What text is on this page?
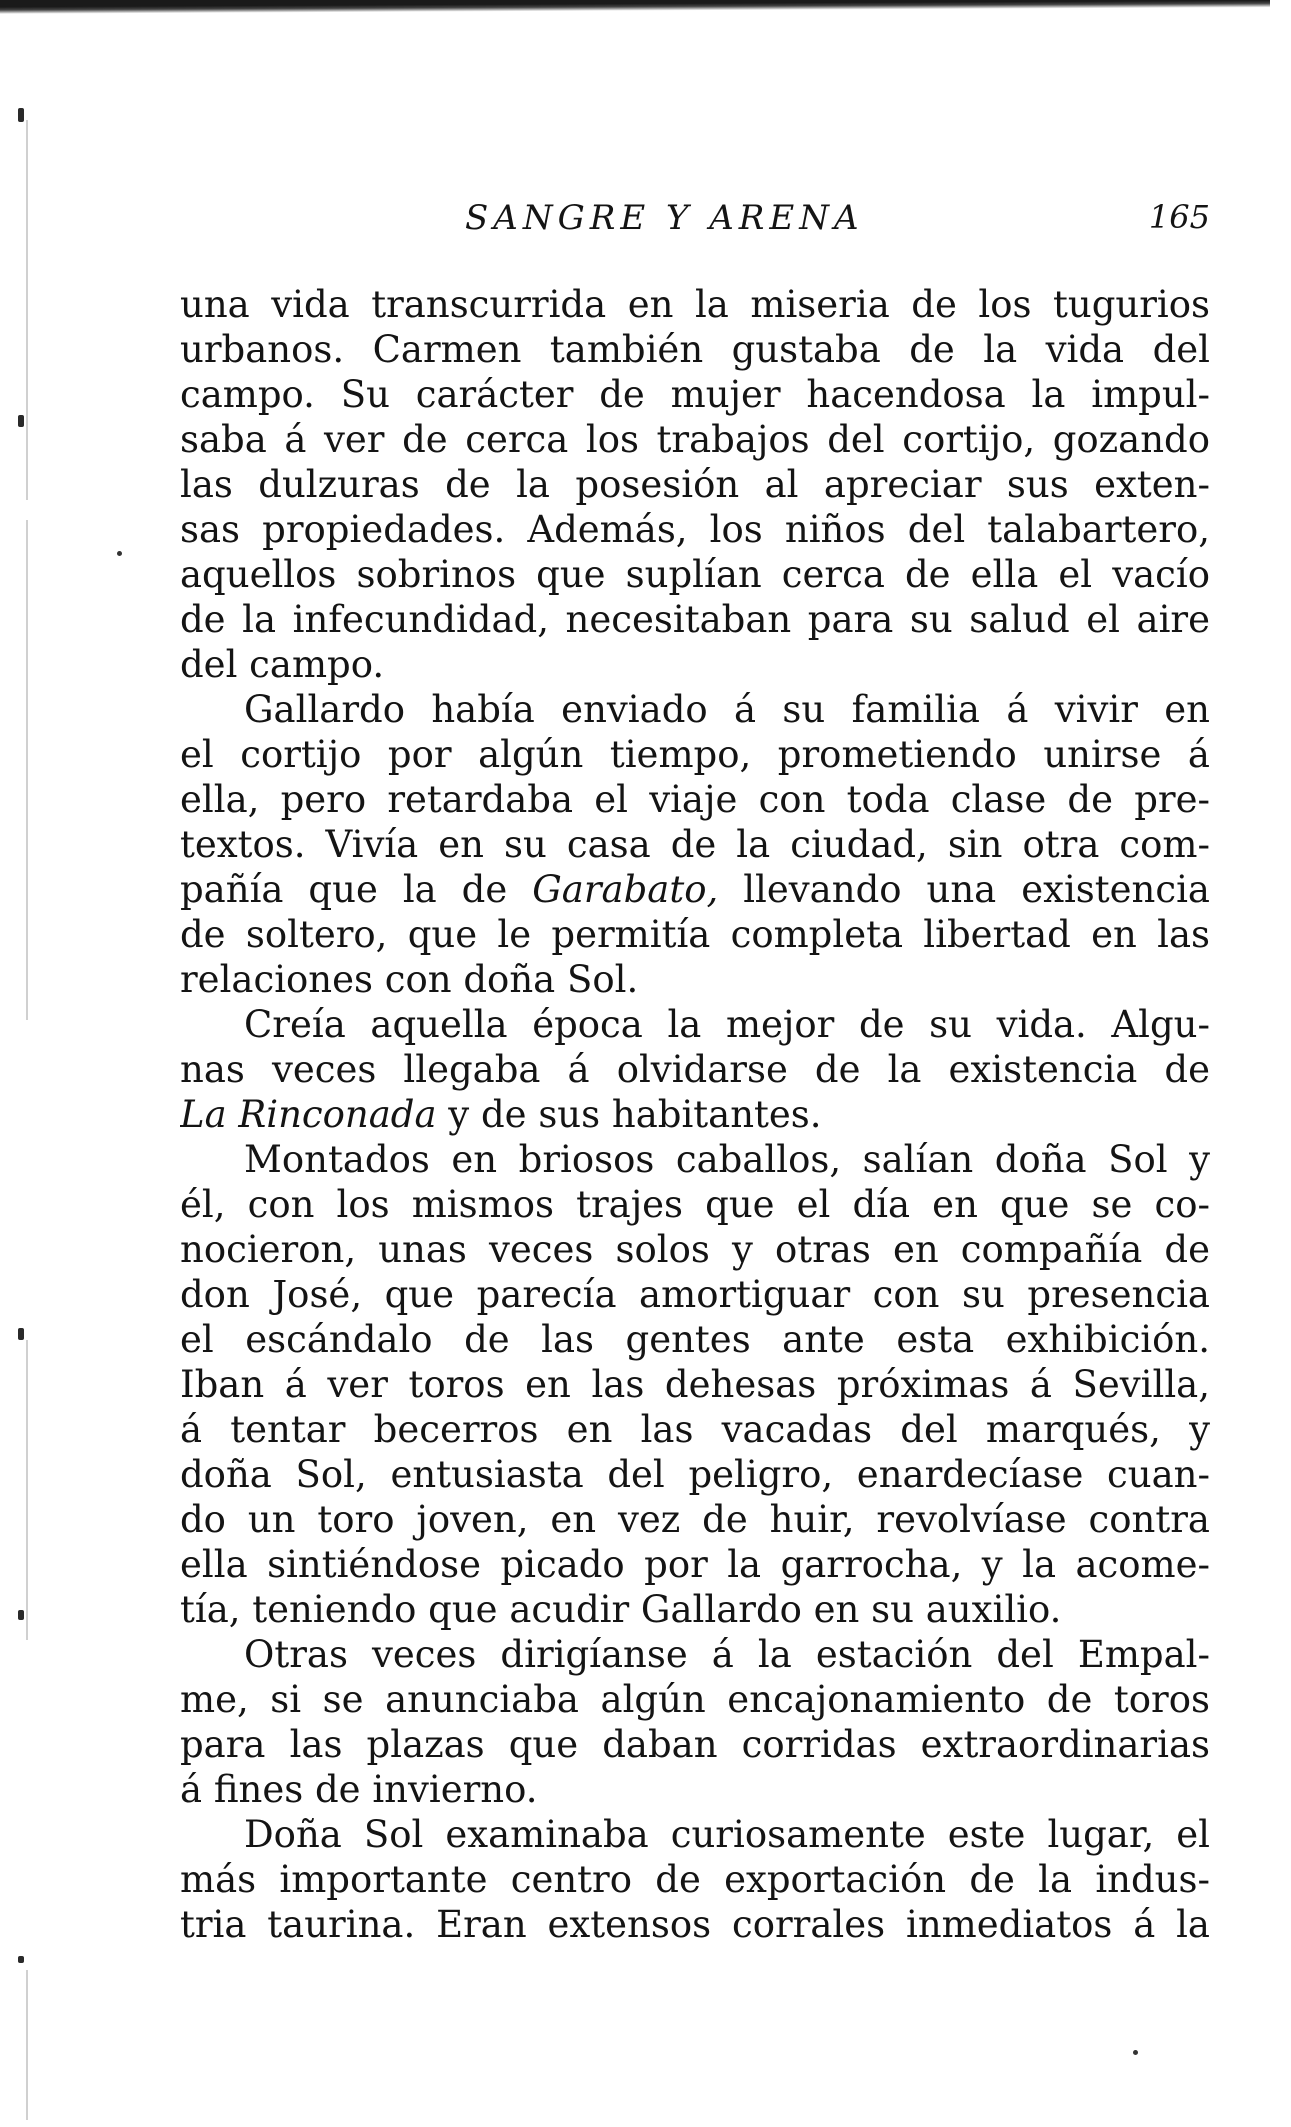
SANGRE Y ARENA	165
una vida transcurrida en la miseria de los tugurios
urbanos. Carmen también gustaba de la vida del
campo. Su carácter de mujer hacendosa la impul-
saba á ver de cerca los trabajos del cortijo, gozando
las dulzuras de la posesión al apreciar sus exten-
sas propiedades. Además, los niños del talabartero,
aquellos sobrinos que suplían cerca de ella el vacío
de la infecundidad, necesitaban para su salud el aire
del campo.
Gallardo había enviado á su familia á vivir en
el cortijo por algún tiempo, prometiendo unirse á
ella, pero retardaba el viaje con toda clase de pre-
textos. Vivía en su casa de la ciudad, sin otra com-
pañía que la de Garabato, llevando una existencia
de soltero, que le permitía completa libertad en las
relaciones con doña Sol.
Creía aquella época la mejor de su vida. Algu-
nas veces llegaba á olvidarse de la existencia de
La Rinconada y de sus habitantes.
Montados en briosos caballos, salían doña Sol y
él, con los mismos trajes que el día en que se co-
nocieron, unas veces solos y otras en compañía de
don José, que parecía amortiguar con su presencia
el escándalo de las gentes ante esta exhibición.
Iban á ver toros en las dehesas próximas á Sevilla,
á tentar becerros en las vacadas del marqués, y
doña Sol, entusiasta del peligro, enardecíase cuan-
do un toro joven, en vez de huir, revolvíase contra
ella sintiéndose picado por la garrocha, y la acome-
tía, teniendo que acudir Gallardo en su auxilio.
Otras veces dirigíanse á la estación del Empal-
me, si se anunciaba algún encajonamiento de toros
para las plazas que daban corridas extraordinarias
á fines de invierno.
Doña Sol examinaba curiosamente este lugar, el
más importante centro de exportación de la indus-
tria taurina. Eran extensos corrales inmediatos á la
